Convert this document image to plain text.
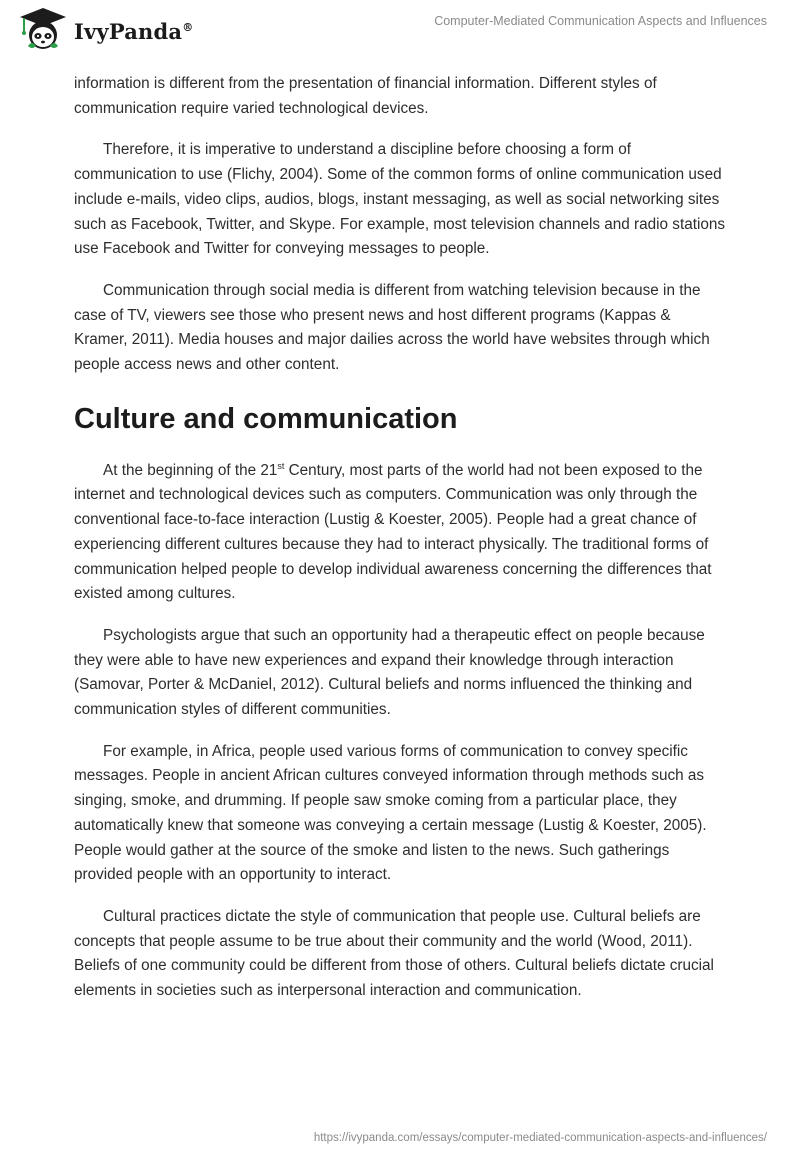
IvyPanda®	Computer-Mediated Communication Aspects and Influences

information is different from the presentation of financial information. Different styles of communication require varied technological devices.

Therefore, it is imperative to understand a discipline before choosing a form of communication to use (Flichy, 2004). Some of the common forms of online communication used include e-mails, video clips, audios, blogs, instant messaging, as well as social networking sites such as Facebook, Twitter, and Skype. For example, most television channels and radio stations use Facebook and Twitter for conveying messages to people.

Communication through social media is different from watching television because in the case of TV, viewers see those who present news and host different programs (Kappas & Kramer, 2011). Media houses and major dailies across the world have websites through which people access news and other content.

Culture and communication

At the beginning of the 21st Century, most parts of the world had not been exposed to the internet and technological devices such as computers. Communication was only through the conventional face-to-face interaction (Lustig & Koester, 2005). People had a great chance of experiencing different cultures because they had to interact physically. The traditional forms of communication helped people to develop individual awareness concerning the differences that existed among cultures.

Psychologists argue that such an opportunity had a therapeutic effect on people because they were able to have new experiences and expand their knowledge through interaction (Samovar, Porter & McDaniel, 2012). Cultural beliefs and norms influenced the thinking and communication styles of different communities.

For example, in Africa, people used various forms of communication to convey specific messages. People in ancient African cultures conveyed information through methods such as singing, smoke, and drumming. If people saw smoke coming from a particular place, they automatically knew that someone was conveying a certain message (Lustig & Koester, 2005). People would gather at the source of the smoke and listen to the news. Such gatherings provided people with an opportunity to interact.

Cultural practices dictate the style of communication that people use. Cultural beliefs are concepts that people assume to be true about their community and the world (Wood, 2011). Beliefs of one community could be different from those of others. Cultural beliefs dictate crucial elements in societies such as interpersonal interaction and communication.

https://ivypanda.com/essays/computer-mediated-communication-aspects-and-influences/
